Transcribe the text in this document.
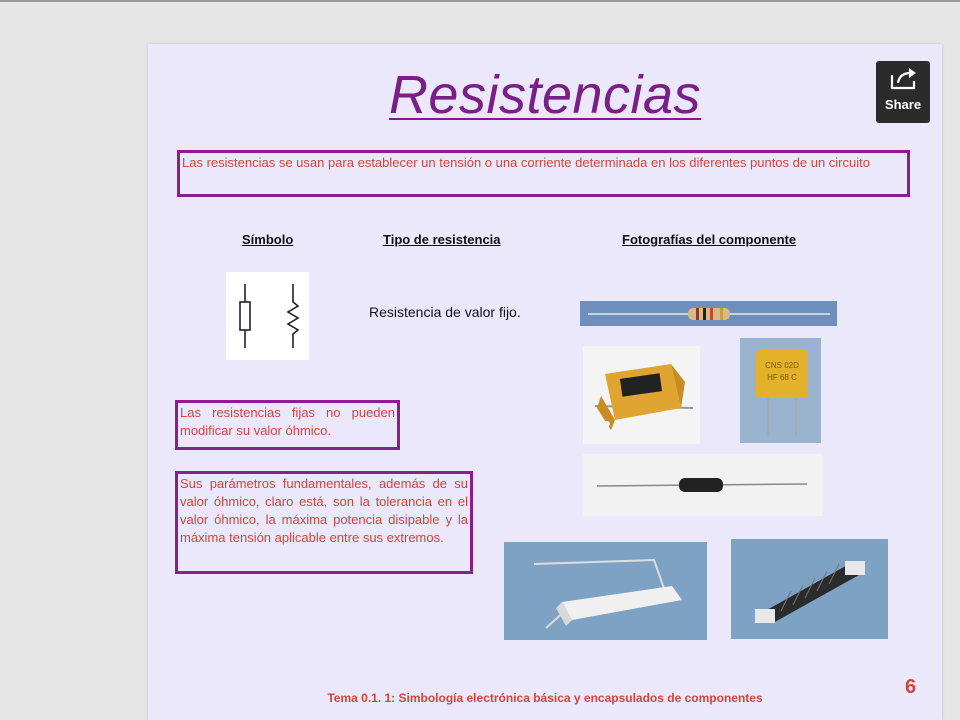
Resistencias
Las resistencias se usan para establecer un tensión o una corriente determinada en los diferentes puntos de un circuito
Símbolo	Tipo de resistencia	Fotografías del componente
Resistencia de valor fijo.
Las resistencias fijas no pueden modificar su valor óhmico.
Sus parámetros fundamentales, además de su valor óhmico, claro está, son la tolerancia en el valor óhmico, la máxima potencia disipable y la máxima tensión aplicable entre sus extremos.
CNS 02D
HF 68 C
Tema 0.1. 1: Simbología electrónica básica y encapsulados de componentes	6
Share
